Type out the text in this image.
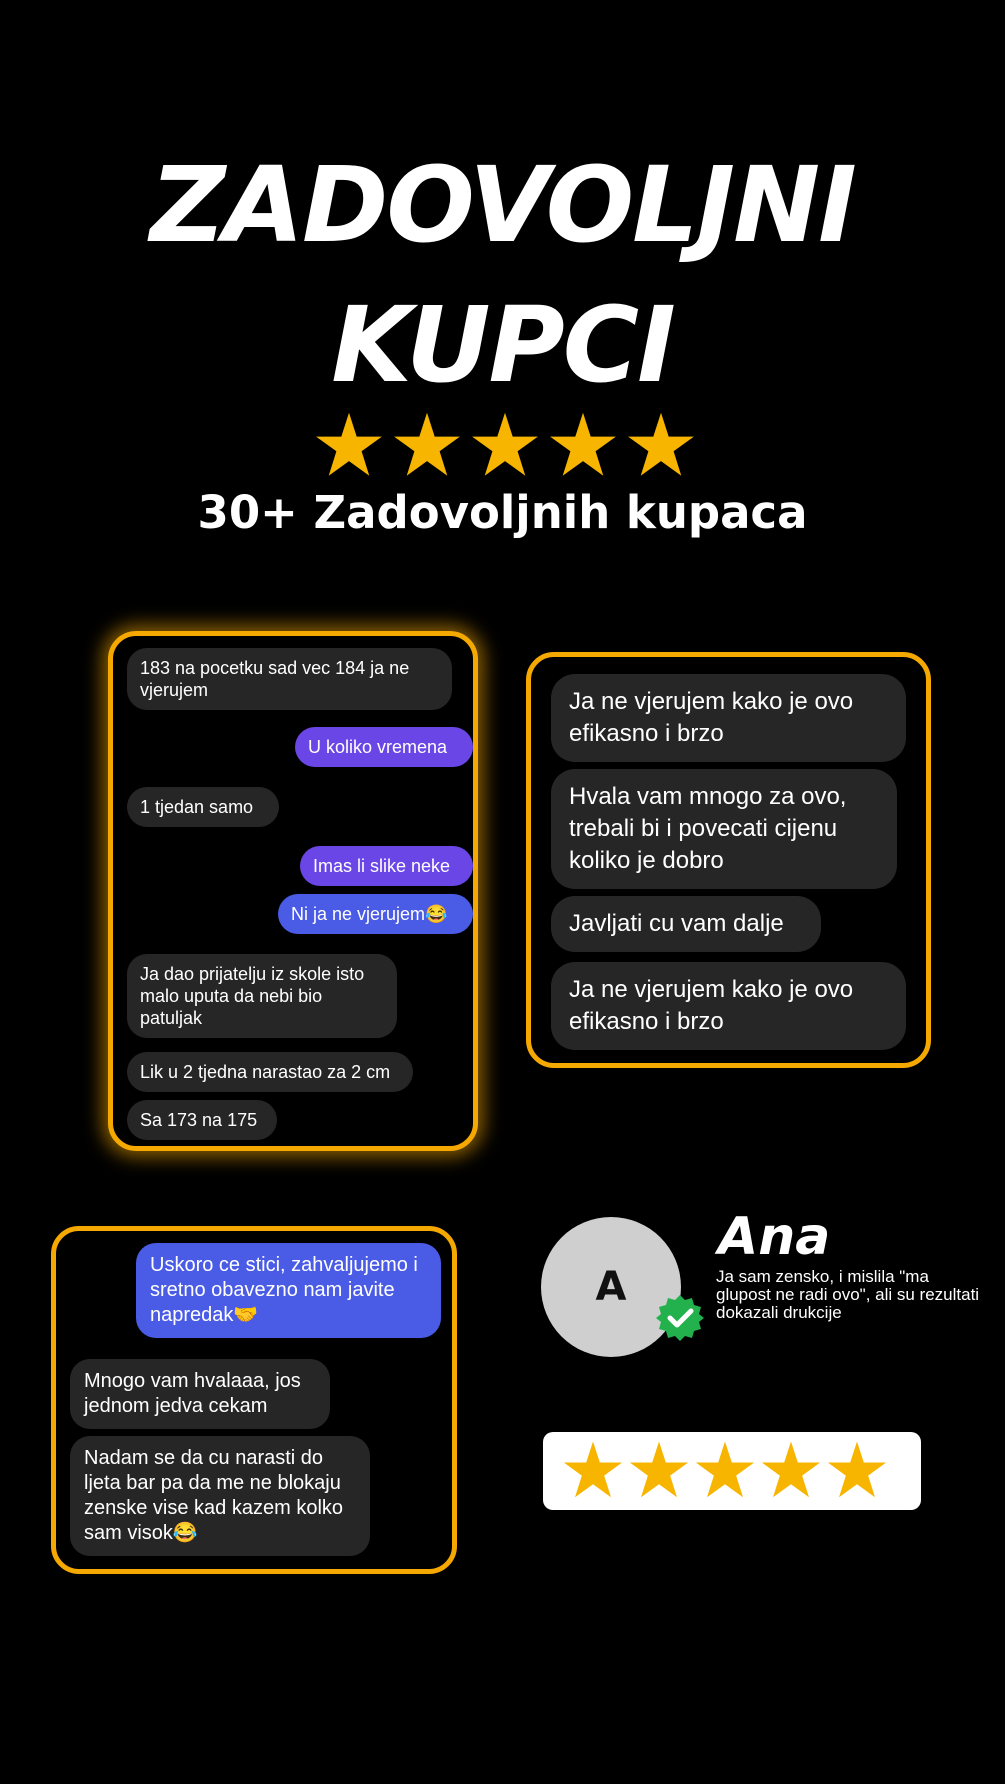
ZADOVOLJNI
KUPCI
30+ Zadovoljnih kupaca
183 na pocetku sad vec 184 ja ne vjerujem
U koliko vremena
1 tjedan samo
Imas li slike neke
Ni ja ne vjerujem😂
Ja dao prijatelju iz skole isto malo uputa da nebi bio patuljak
Lik u 2 tjedna narastao za 2 cm
Sa 173 na 175
Ja ne vjerujem kako je ovo efikasno i brzo
Hvala vam mnogo za ovo, trebali bi i povecati cijenu koliko je dobro
Javljati cu vam dalje
Ja ne vjerujem kako je ovo efikasno i brzo
Uskoro ce stici, zahvaljujemo i sretno obavezno nam javite napredak🤝
Mnogo vam hvalaaa, jos jednom jedva cekam
Nadam se da cu narasti do ljeta bar pa da me ne blokaju zenske vise kad kazem kolko sam visok😂
A
Ana
Ja sam zensko, i mislila "ma glupost ne radi ovo", ali su rezultati dokazali drukcije
